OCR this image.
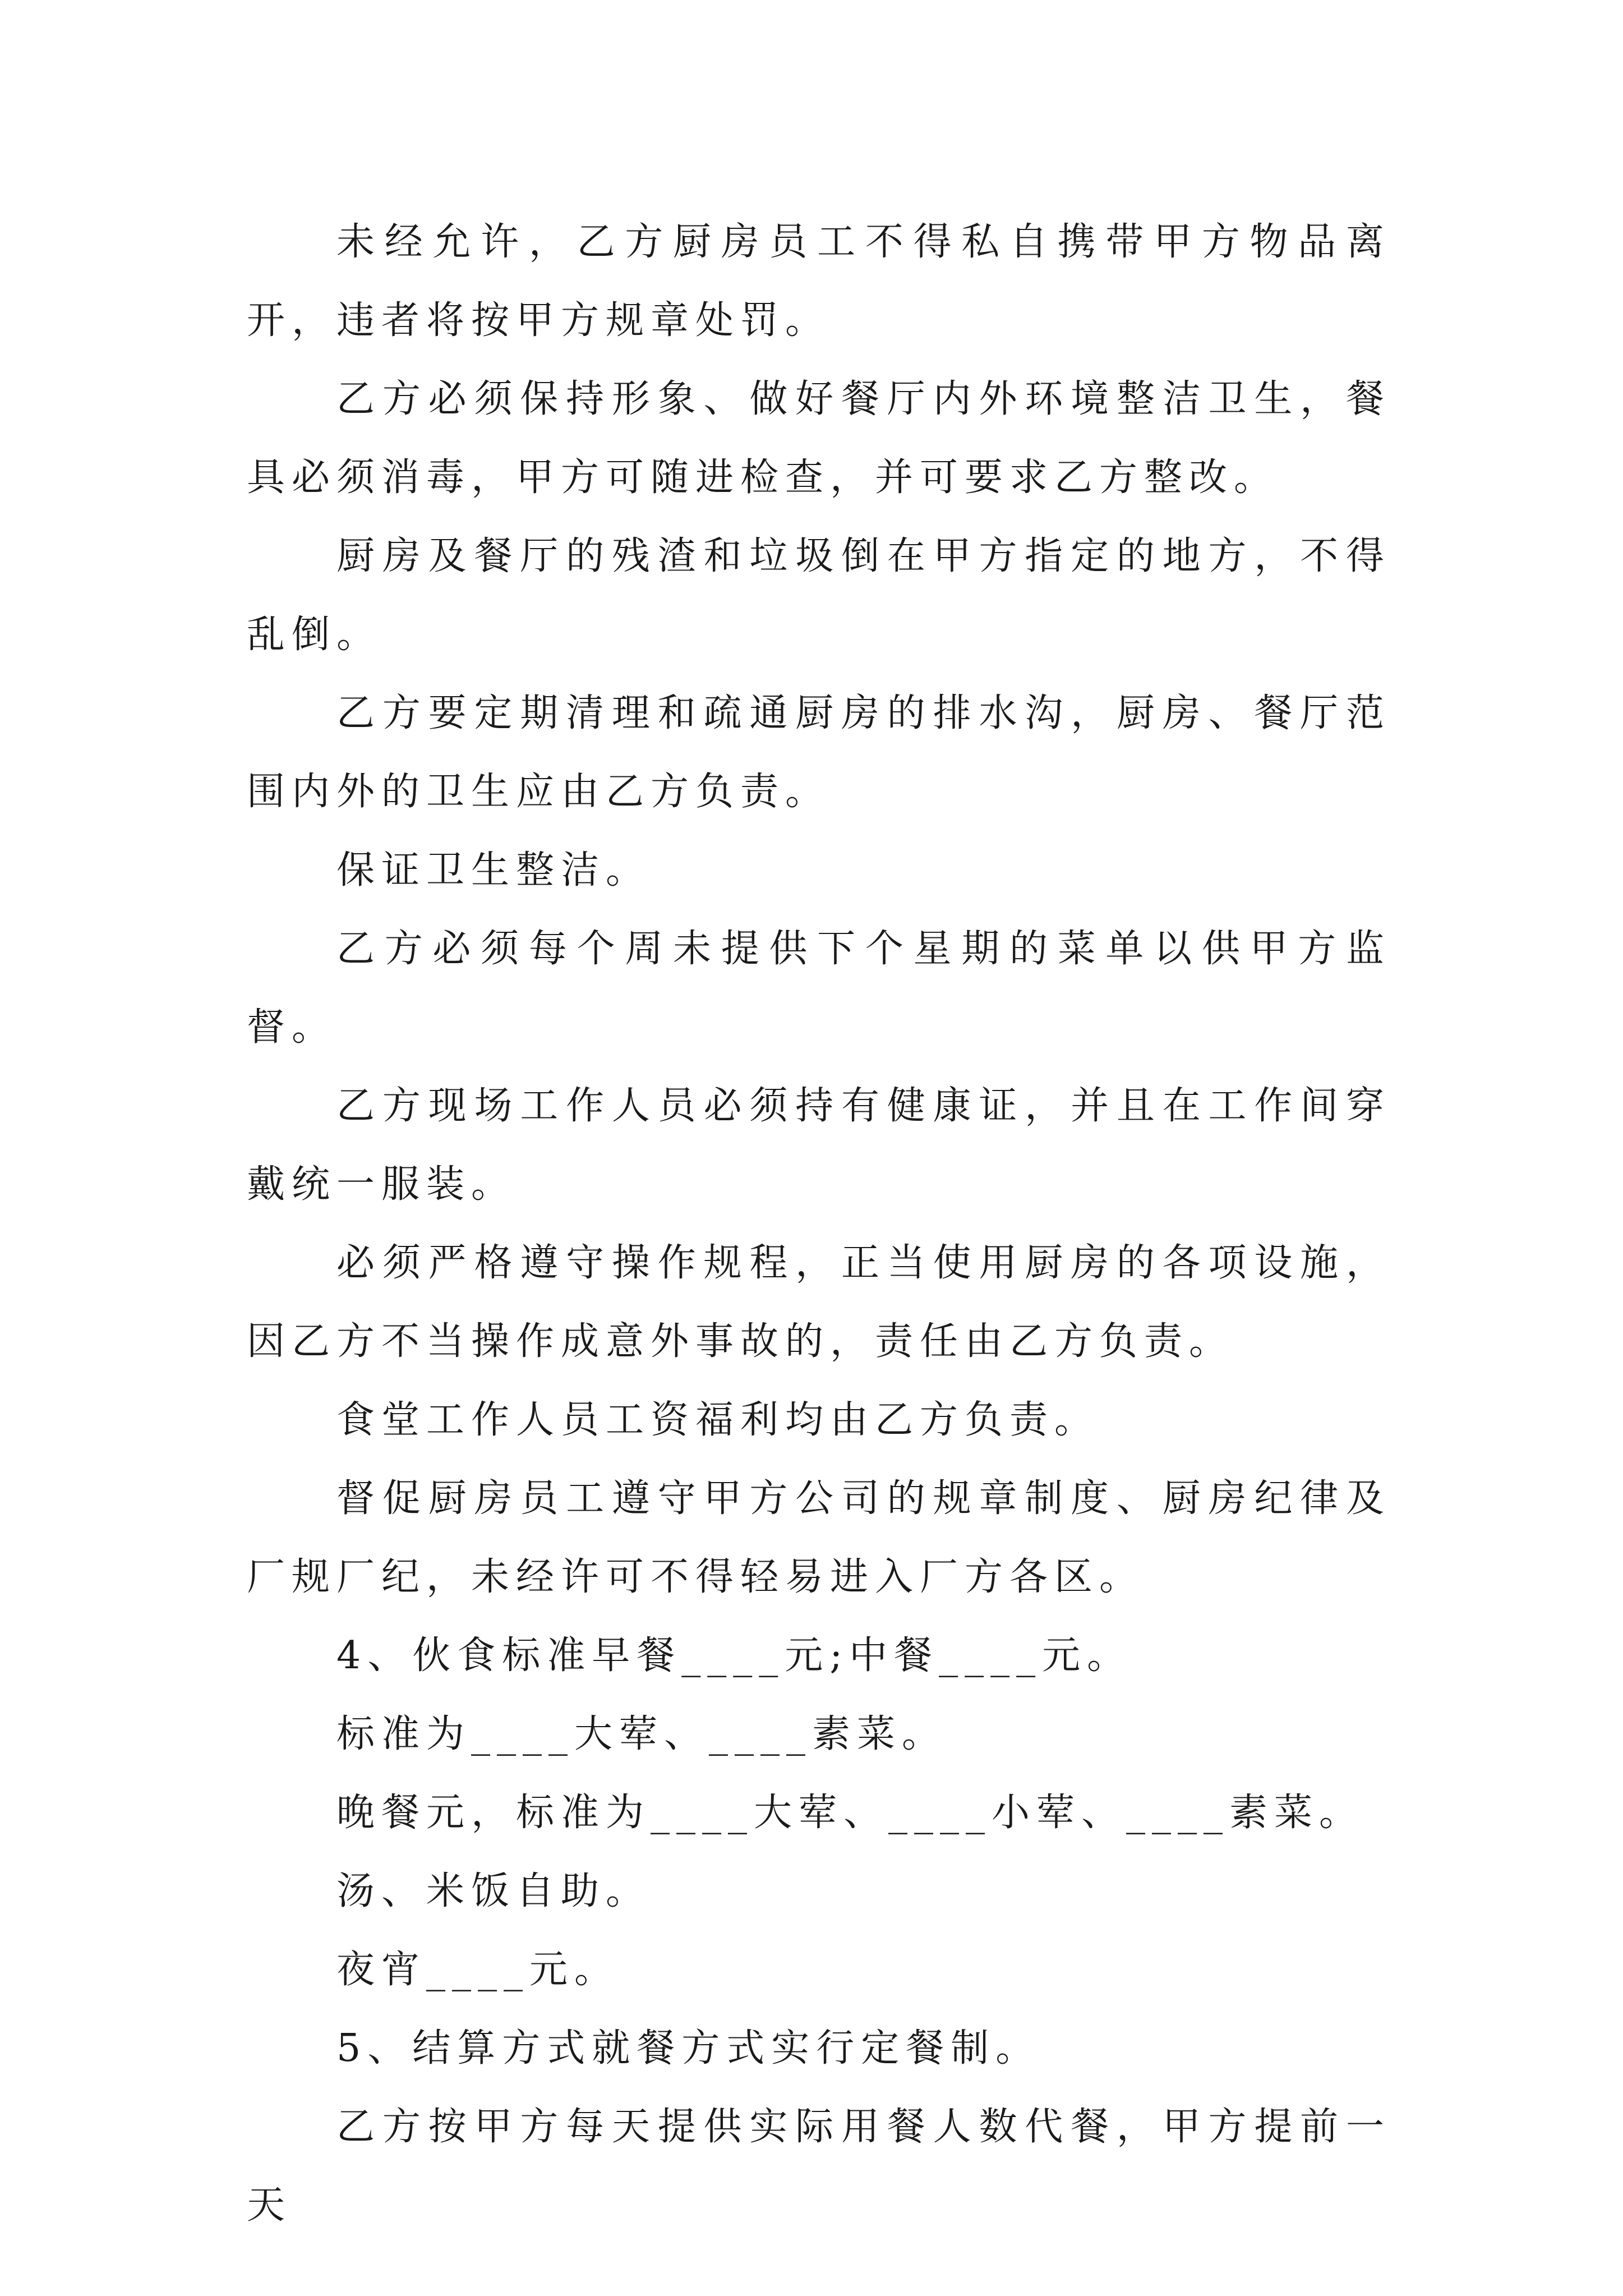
未经允许，乙方厨房员工不得私自携带甲方物品离开，违者将按甲方规章处罚。

乙方必须保持形象、做好餐厅内外环境整洁卫生，餐具必须消毒，甲方可随进检查，并可要求乙方整改。

厨房及餐厅的残渣和垃圾倒在甲方指定的地方，不得乱倒。

乙方要定期清理和疏通厨房的排水沟，厨房、餐厅范围内外的卫生应由乙方负责。

保证卫生整洁。

乙方必须每个周未提供下个星期的菜单以供甲方监督。

乙方现场工作人员必须持有健康证，并且在工作间穿戴统一服装。

必须严格遵守操作规程，正当使用厨房的各项设施，因乙方不当操作成意外事故的，责任由乙方负责。

食堂工作人员工资福利均由乙方负责。

督促厨房员工遵守甲方公司的规章制度、厨房纪律及厂规厂纪，未经许可不得轻易进入厂方各区。

4、伙食标准早餐____元;中餐____元。

标准为____大荤、____素菜。

晚餐元，标准为____大荤、____小荤、____素菜。

汤、米饭自助。

夜宵____元。

5、结算方式就餐方式实行定餐制。

乙方按甲方每天提供实际用餐人数代餐，甲方提前一天
